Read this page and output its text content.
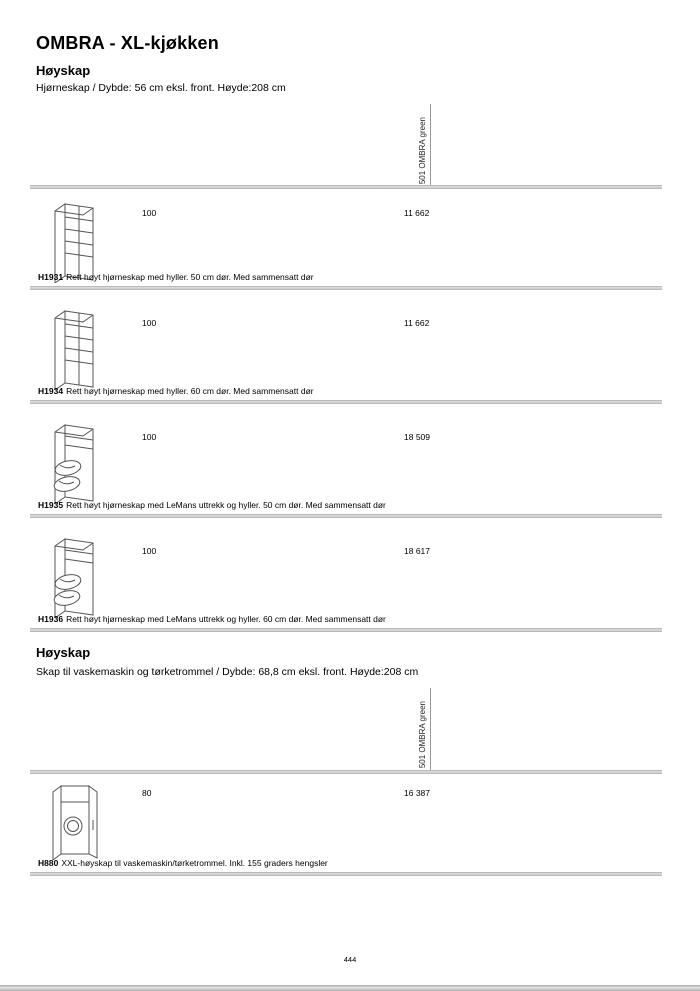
OMBRA - XL-kjøkken
Høyskap
Hjørneskap / Dybde: 56 cm eksl. front. Høyde:208 cm
501 OMBRA green
100	11 662
H1931 Rett høyt hjørneskap med hyller. 50 cm dør. Med sammensatt dør
100	11 662
H1934 Rett høyt hjørneskap med hyller. 60 cm dør. Med sammensatt dør
100	18 509
H1935 Rett høyt hjørneskap med LeMans uttrekk og hyller. 50 cm dør. Med sammensatt dør
100	18 617
H1936 Rett høyt hjørneskap med LeMans uttrekk og hyller. 60 cm dør. Med sammensatt dør
Høyskap
Skap til vaskemaskin og tørketrommel / Dybde: 68,8 cm eksl. front. Høyde:208 cm
501 OMBRA green
80	16 387
H880 XXL-høyskap til vaskemaskin/tørketrommel. Inkl. 155 graders hengsler
444
